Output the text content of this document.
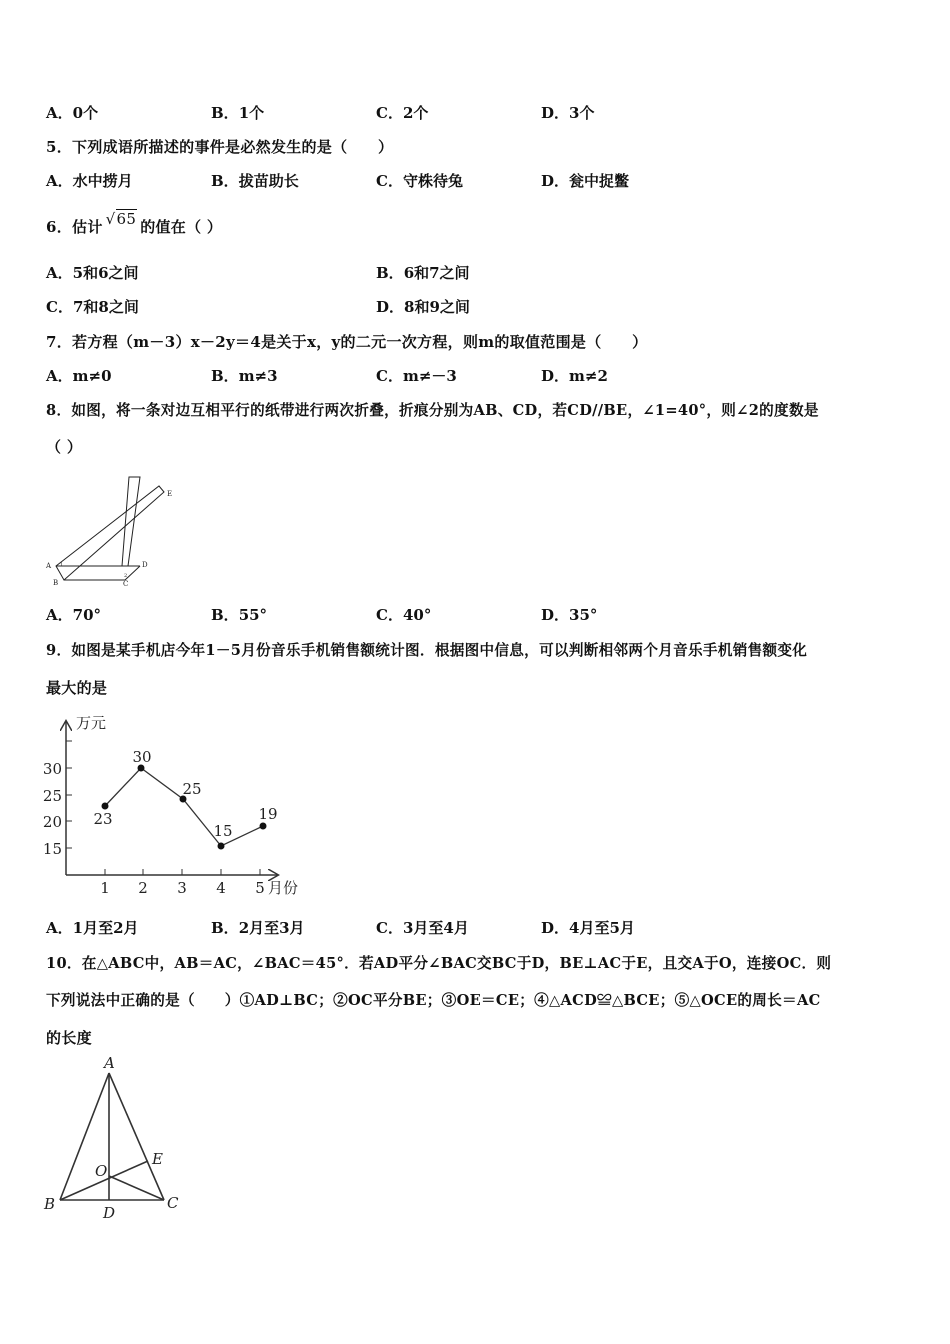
A．0个	B．1个	C．2个	D．3个
5．下列成语所描述的事件是必然发生的是（　　）
A．水中捞月	B．拔苗助长	C．守株待兔	D．瓮中捉鳖
6．估计 √65 的值在（ ）
A．5和6之间	B．6和7之间
C．7和8之间	D．8和9之间
7．若方程（m－3）x－2y＝4是关于x，y的二元一次方程，则m的取值范围是（　　）
A．m≠0	B．m≠3	C．m≠－3	D．m≠2
8．如图，将一条对边互相平行的纸带进行两次折叠，折痕分别为AB、CD，若CD//BE，∠1=40°，则∠2的度数是
（ ）
A
B	C
D
E
1
2
A．70°	B．55°	C．40°	D．35°
9．如图是某手机店今年1－5月份音乐手机销售额统计图．根据图中信息，可以判断相邻两个月音乐手机销售额变化
最大的是
30
25
20
15
1 2 3 4 5
万元
月份
23
30
25
15
19
A．1月至2月	B．2月至3月	C．3月至4月	D．4月至5月
10．在△ABC中，AB＝AC，∠BAC＝45°．若AD平分∠BAC交BC于D，BE⊥AC于E，且交A于O，连接OC．则
下列说法中正确的是（　　）①AD⊥BC；②OC平分BE；③OE＝CE；④△ACD≌△BCE；⑤△OCE的周长＝AC
的长度
A
B	C
D
E
O
